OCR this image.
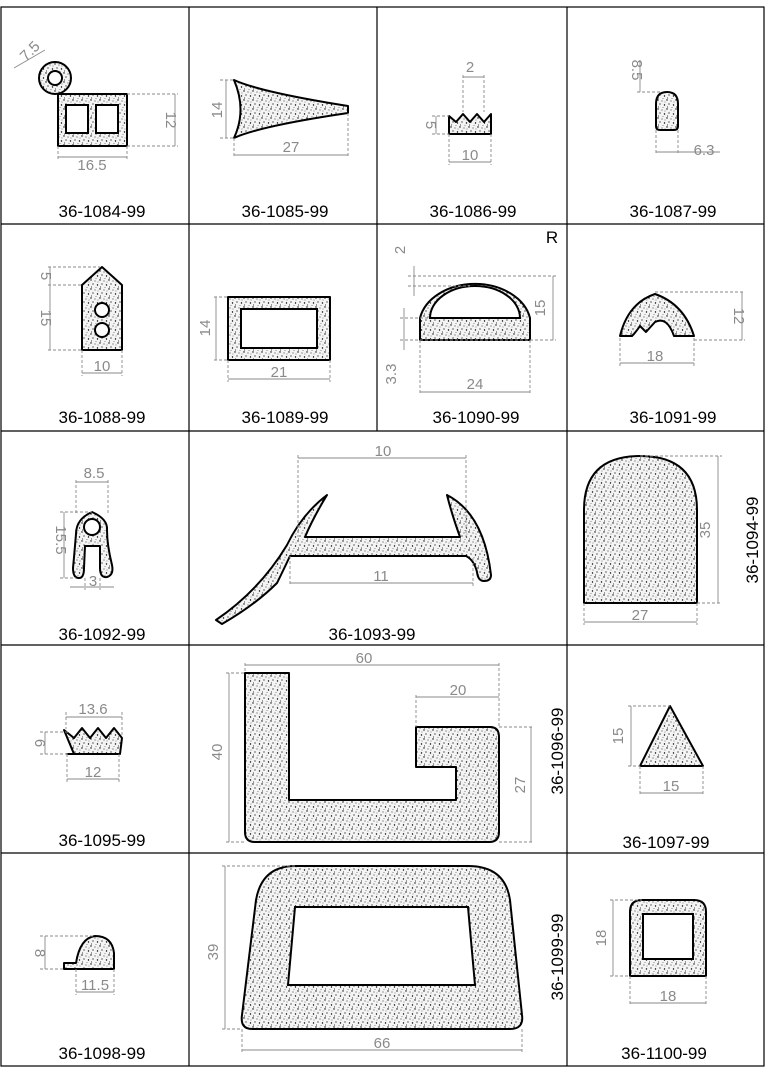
7.5
12
16.5
36-1084-99
14
27
36-1085-99
2
5
10
36-1086-99
8.5
6.3
36-1087-99
5
15
10
36-1088-99
14
21
36-1089-99
R
2
15
3.3
24
36-1090-99
12
18
36-1091-99
8.5
15.5
3
36-1092-99
10
11
36-1093-99
35
27
36-1094-99
13.6
6
12
36-1095-99
60
20
40
27 36-1096-99	15
15
36-1097-99
8
11.5
36-1098-99
39
66
36-1099-99 18
18
36-1100-99
